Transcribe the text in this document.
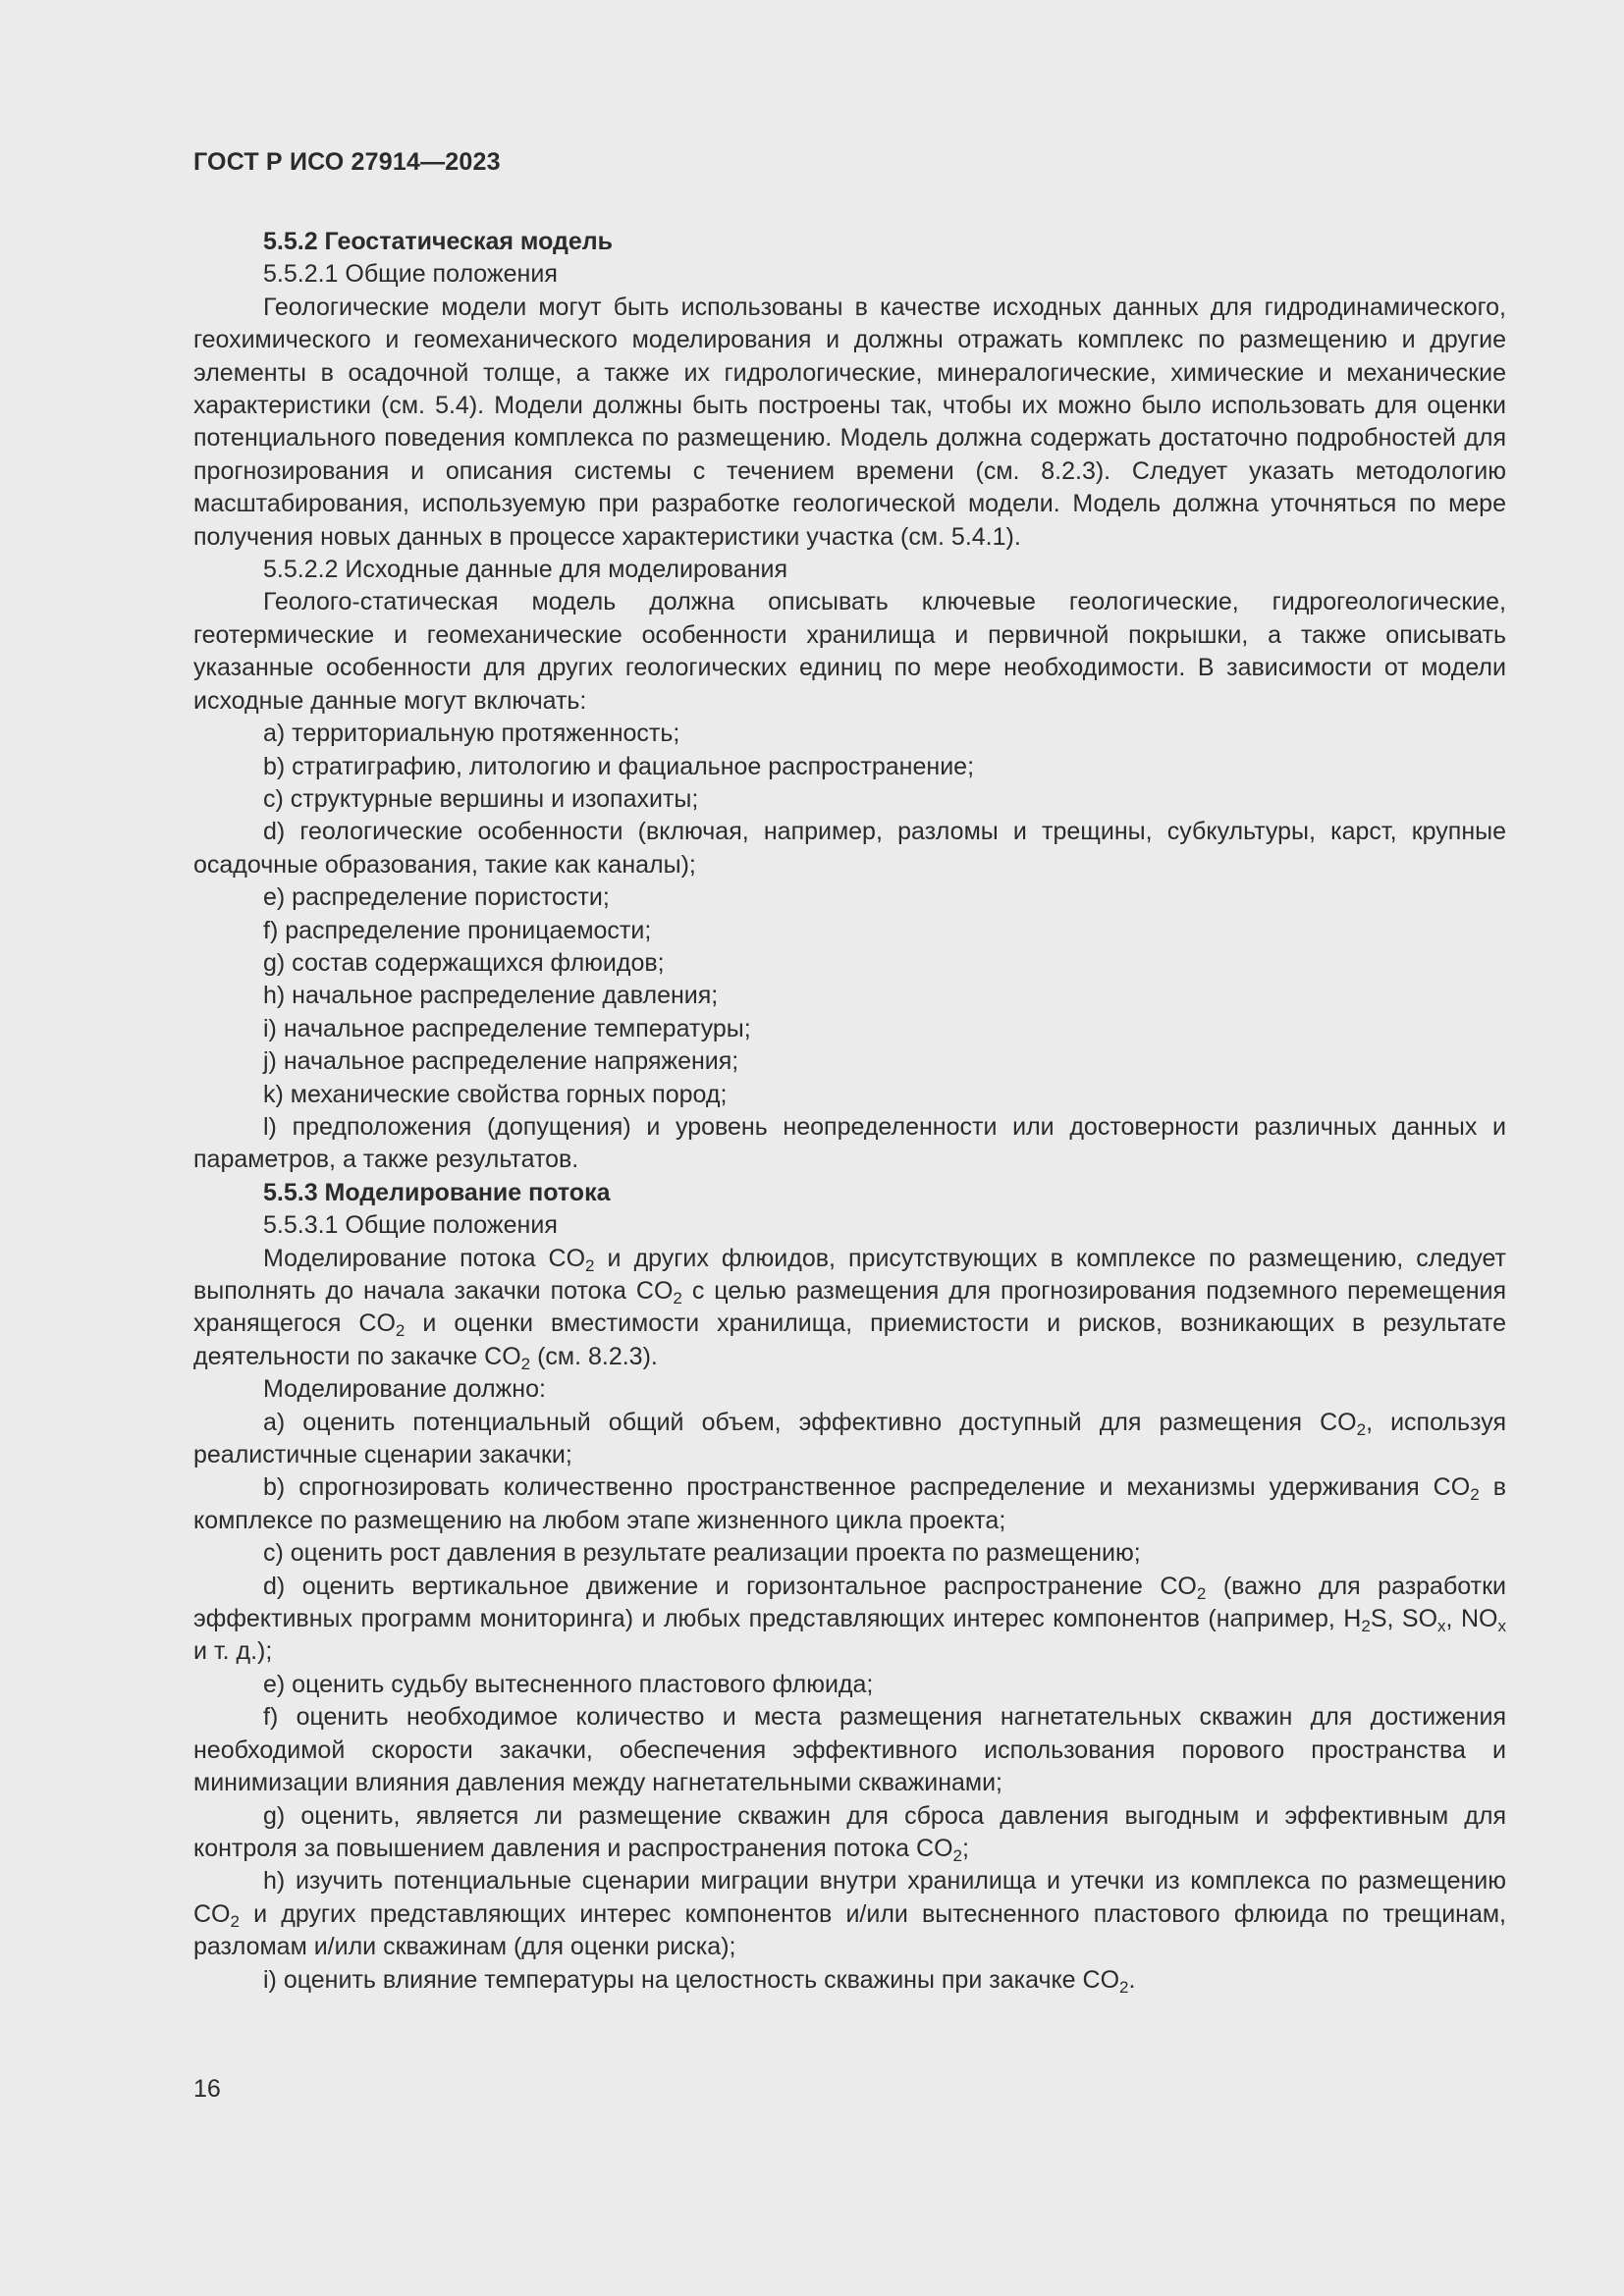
ГОСТ Р ИСО 27914—2023

5.5.2 Геостатическая модель

5.5.2.1 Общие положения

Геологические модели могут быть использованы в качестве исходных данных для гидродинамического, геохимического и геомеханического моделирования и должны отражать комплекс по размещению и другие элементы в осадочной толще, а также их гидрологические, минералогические, химические и механические характеристики (см. 5.4). Модели должны быть построены так, чтобы их можно было использовать для оценки потенциального поведения комплекса по размещению. Модель должна содержать достаточно подробностей для прогнозирования и описания системы с течением времени (см. 8.2.3). Следует указать методологию масштабирования, используемую при разработке геологической модели. Модель должна уточняться по мере получения новых данных в процессе характеристики участка (см. 5.4.1).

5.5.2.2 Исходные данные для моделирования

Геолого-статическая модель должна описывать ключевые геологические, гидрогеологические, геотермические и геомеханические особенности хранилища и первичной покрышки, а также описывать указанные особенности для других геологических единиц по мере необходимости. В зависимости от модели исходные данные могут включать:

a) территориальную протяженность;

b) стратиграфию, литологию и фациальное распространение;

c) структурные вершины и изопахиты;

d) геологические особенности (включая, например, разломы и трещины, субкультуры, карст, крупные осадочные образования, такие как каналы);

e) распределение пористости;

f) распределение проницаемости;

g) состав содержащихся флюидов;

h) начальное распределение давления;

i) начальное распределение температуры;

j) начальное распределение напряжения;

k) механические свойства горных пород;

l) предположения (допущения) и уровень неопределенности или достоверности различных данных и параметров, а также результатов.

5.5.3 Моделирование потока

5.5.3.1 Общие положения

Моделирование потока $CO_2$ и других флюидов, присутствующих в комплексе по размещению, следует выполнять до начала закачки потока $CO_2$ с целью размещения для прогнозирования подземного перемещения хранящегося $CO_2$ и оценки вместимости хранилища, приемистости и рисков, возникающих в результате деятельности по закачке $CO_2$ (см. 8.2.3).

Моделирование должно:

a) оценить потенциальный общий объем, эффективно доступный для размещения $CO_2$, используя реалистичные сценарии закачки;

b) спрогнозировать количественно пространственное распределение и механизмы удерживания $CO_2$ в комплексе по размещению на любом этапе жизненного цикла проекта;

c) оценить рост давления в результате реализации проекта по размещению;

d) оценить вертикальное движение и горизонтальное распространение $CO_2$ (важно для разработки эффективных программ мониторинга) и любых представляющих интерес компонентов (например, $H_2S$, $SO_x$, $NO_x$ и т. д.);

e) оценить судьбу вытесненного пластового флюида;

f) оценить необходимое количество и места размещения нагнетательных скважин для достижения необходимой скорости закачки, обеспечения эффективного использования порового пространства и минимизации влияния давления между нагнетательными скважинами;

g) оценить, является ли размещение скважин для сброса давления выгодным и эффективным для контроля за повышением давления и распространения потока $CO_2$;

h) изучить потенциальные сценарии миграции внутри хранилища и утечки из комплекса по размещению $CO_2$ и других представляющих интерес компонентов и/или вытесненного пластового флюида по трещинам, разломам и/или скважинам (для оценки риска);

i) оценить влияние температуры на целостность скважины при закачке $CO_2$.

16
